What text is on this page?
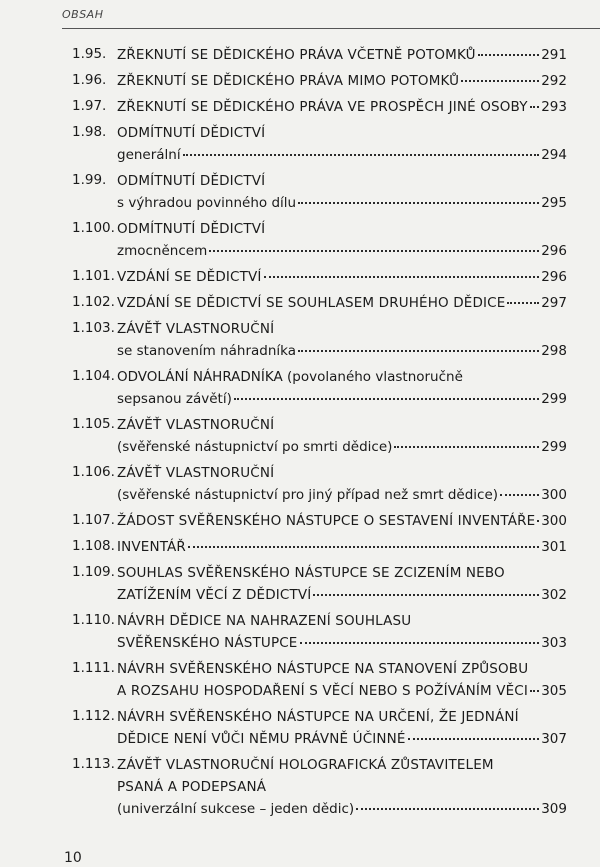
OBSAH
1.95. ZŘEKNUTÍ SE DĚDICKÉHO PRÁVA VČETNĚ POTOMKŮ	291
1.96. ZŘEKNUTÍ SE DĚDICKÉHO PRÁVA MIMO POTOMKŮ	292
1.97. ZŘEKNUTÍ SE DĚDICKÉHO PRÁVA VE PROSPĚCH JINÉ OSOBY 293
1.98. ODMÍTNUTÍ DĚDICTVÍ
generální	294
1.99. ODMÍTNUTÍ DĚDICTVÍ
s výhradou povinného dílu	295
1.100. ODMÍTNUTÍ DĚDICTVÍ
zmocněncem	296
1.101. VZDÁNÍ SE DĚDICTVÍ	296
1.102. VZDÁNÍ SE DĚDICTVÍ SE SOUHLASEM DRUHÉHO DĚDICE	297
1.103. ZÁVĚŤ VLASTNORUČNÍ
se stanovením náhradníka	298
1.104. ODVOLÁNÍ NÁHRADNÍKA (povolaného vlastnoručně
sepsanou závětí)	299
1.105. ZÁVĚŤ VLASTNORUČNÍ
(svěřenské nástupnictví po smrti dědice)	299
1.106. ZÁVĚŤ VLASTNORUČNÍ
(svěřenské nástupnictví pro jiný případ než smrt dědice)	300
1.107. ŽÁDOST SVĚŘENSKÉHO NÁSTUPCE O SESTAVENÍ INVENTÁŘE 300
1.108. INVENTÁŘ	301
1.109. SOUHLAS SVĚŘENSKÉHO NÁSTUPCE SE ZCIZENÍM NEBO
ZATÍŽENÍM VĚCÍ Z DĚDICTVÍ	302
1.110. NÁVRH DĚDICE NA NAHRAZENÍ SOUHLASU
SVĚŘENSKÉHO NÁSTUPCE	303
1.111. NÁVRH SVĚŘENSKÉHO NÁSTUPCE NA STANOVENÍ ZPŮSOBU
A ROZSAHU HOSPODAŘENÍ S VĚCÍ NEBO S POŽÍVÁNÍM VĚCI 305
1.112. NÁVRH SVĚŘENSKÉHO NÁSTUPCE NA URČENÍ, ŽE JEDNÁNÍ
DĚDICE NENÍ VŮČI NĚMU PRÁVNĚ ÚČINNÉ	307
1.113. ZÁVĚŤ VLASTNORUČNÍ HOLOGRAFICKÁ ZŮSTAVITELEM
PSANÁ A PODEPSANÁ
(univerzální sukcese – jeden dědic)	309
10
